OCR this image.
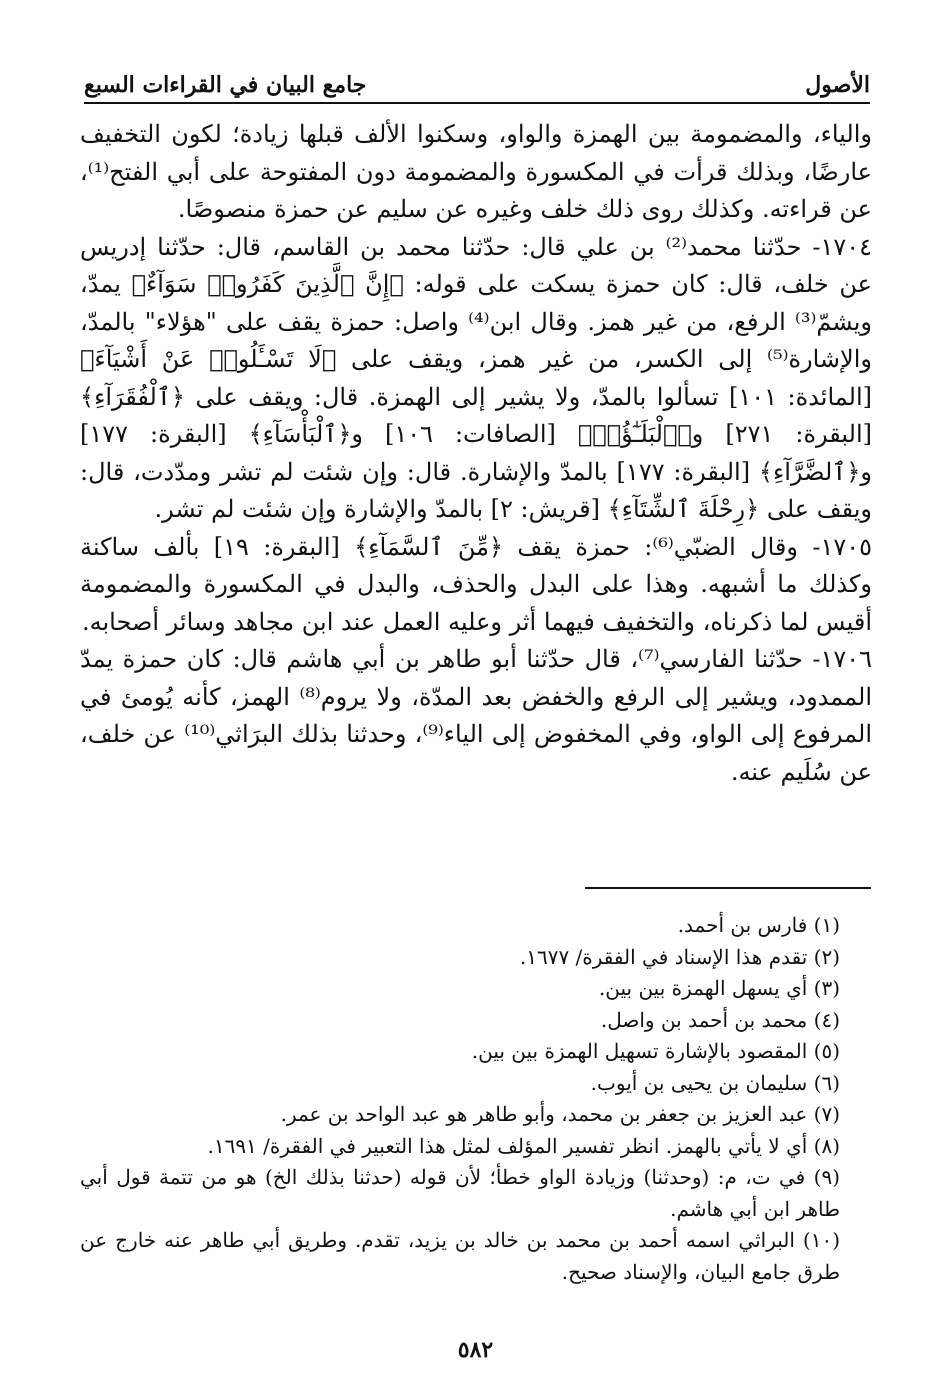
الأصول
جامع البيان في القراءات السبع

والياء، والمضمومة بين الهمزة والواو، وسكنوا الألف قبلها زيادة؛ لكون التخفيف عارضًا، وبذلك قرأت في المكسورة والمضمومة دون المفتوحة على أبي الفتح⁽¹⁾، عن قراءته. وكذلك روى ذلك خلف وغيره عن سليم عن حمزة منصوصًا.

١٧٠٤- حدّثنا محمد⁽²⁾ بن علي قال: حدّثنا محمد بن القاسم، قال: حدّثنا إدريس عن خلف، قال: كان حمزة يسكت على قوله: ﴿إِنَّ ٱلَّذِينَ كَفَرُوا۟ سَوَآءٌ﴾ يمدّ، ويشمّ⁽³⁾ الرفع، من غير همز. وقال ابن⁽⁴⁾ واصل: حمزة يقف على "هؤلاء" بالمدّ، والإشارة⁽⁵⁾ إلى الكسر، من غير همز، ويقف على ﴿لَا تَسْـَٔلُوا۟ عَنْ أَشْيَآءَ﴾ [المائدة: ١٠١] تسألوا بالمدّ، ولا يشير إلى الهمزة. قال: ويقف على ﴿ٱلْفُقَرَآءِ﴾ [البقرة: ٢٧١] و﴿ٱلْبَلَـٰٓؤُا۟﴾ [الصافات: ١٠٦] و﴿ٱلْبَأْسَآءِ﴾ [البقرة: ١٧٧] و﴿ٱلضَّرَّآءِ﴾ [البقرة: ١٧٧] بالمدّ والإشارة. قال: وإن شئت لم تشر ومدّدت، قال: ويقف على ﴿رِحْلَةَ ٱلشِّتَآءِ﴾ [قريش: ٢] بالمدّ والإشارة وإن شئت لم تشر.

١٧٠٥- وقال الضبّي⁽⁶⁾: حمزة يقف ﴿مِّنَ ٱلسَّمَآءِ﴾ [البقرة: ١٩] بألف ساكنة وكذلك ما أشبهه. وهذا على البدل والحذف، والبدل في المكسورة والمضمومة أقيس لما ذكرناه، والتخفيف فيهما أثر وعليه العمل عند ابن مجاهد وسائر أصحابه.

١٧٠٦- حدّثنا الفارسي⁽⁷⁾، قال حدّثنا أبو طاهر بن أبي هاشم قال: كان حمزة يمدّ الممدود، ويشير إلى الرفع والخفض بعد المدّة، ولا يروم⁽⁸⁾ الهمز، كأنه يُومئ في المرفوع إلى الواو، وفي المخفوض إلى الياء⁽⁹⁾، وحدثنا بذلك البرَاثي⁽¹⁰⁾ عن خلف، عن سُلَيم عنه.

(١) فارس بن أحمد.

(٢) تقدم هذا الإسناد في الفقرة/ ١٦٧٧.

(٣) أي يسهل الهمزة بين بين.

(٤) محمد بن أحمد بن واصل.

(٥) المقصود بالإشارة تسهيل الهمزة بين بين.

(٦) سليمان بن يحيى بن أيوب.

(٧) عبد العزيز بن جعفر بن محمد، وأبو طاهر هو عبد الواحد بن عمر.

(٨) أي لا يأتي بالهمز. انظر تفسير المؤلف لمثل هذا التعبير في الفقرة/ ١٦٩١.

(٩) في ت، م: (وحدثنا) وزيادة الواو خطأ؛ لأن قوله (حدثنا بذلك الخ) هو من تتمة قول أبي طاهر ابن أبي هاشم.

(١٠) البراثي اسمه أحمد بن محمد بن خالد بن يزيد، تقدم. وطريق أبي طاهر عنه خارج عن طرق جامع البيان، والإسناد صحيح.

٥٨٢
